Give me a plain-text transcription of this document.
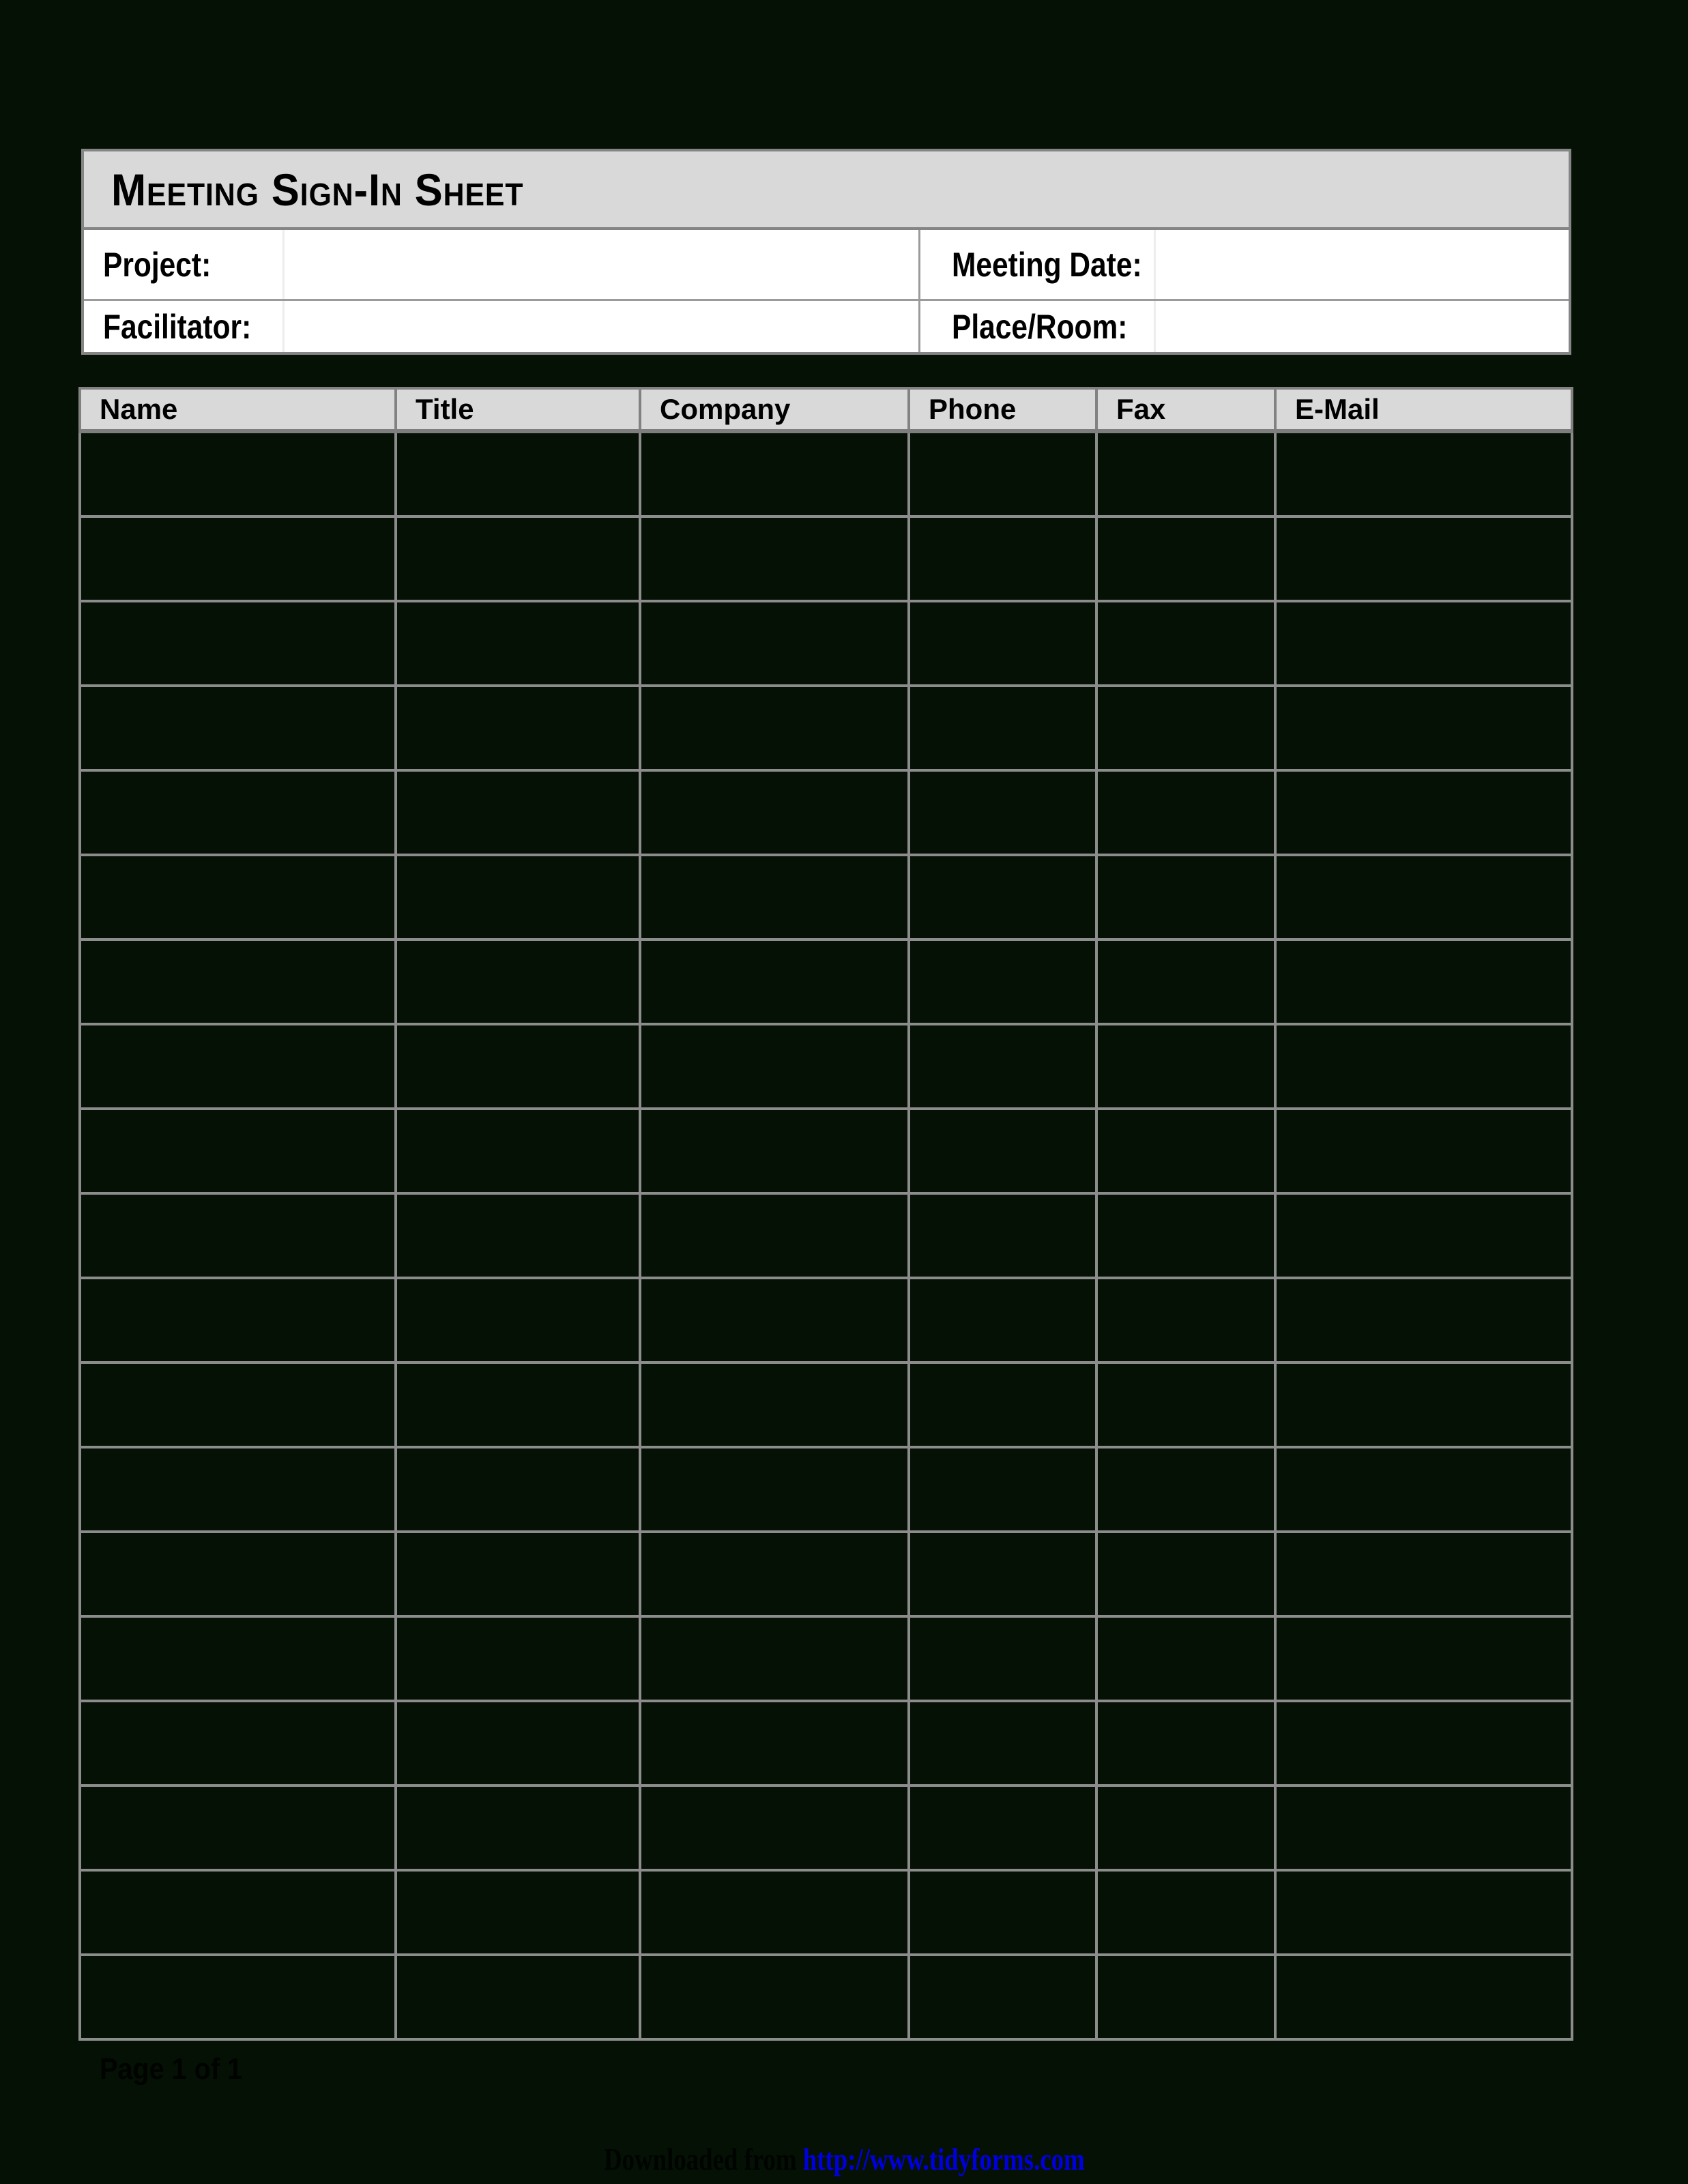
Meeting Sign-In Sheet
Project:	Meeting Date:
Facilitator:	Place/Room:
Name	Title	Company	Phone	Fax	E-Mail

Page 1 of 1
Downloaded from http://www.tidyforms.com
